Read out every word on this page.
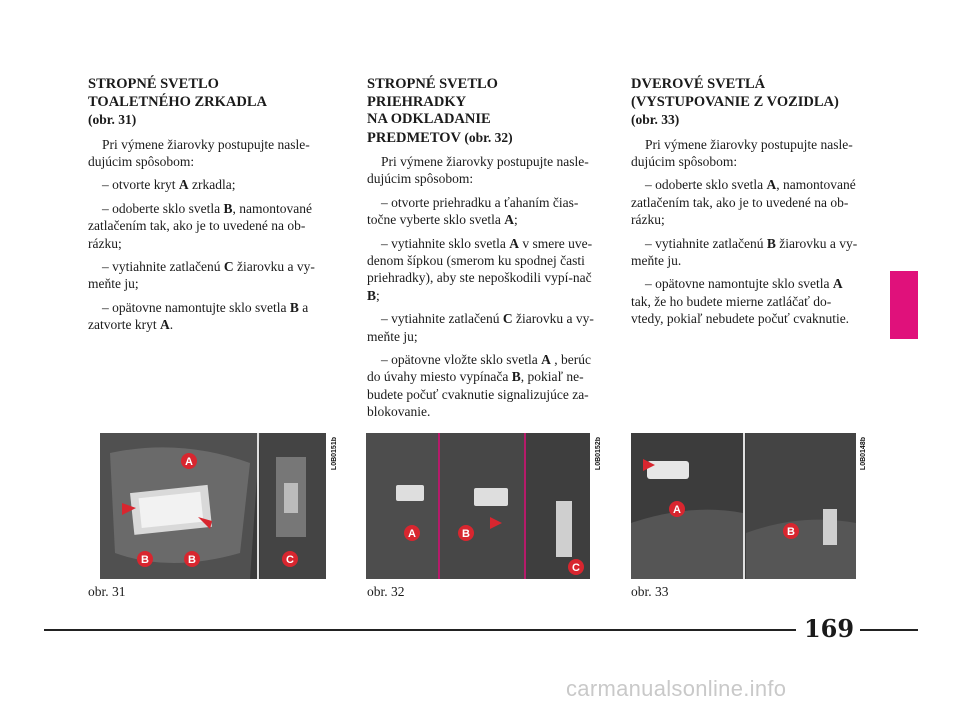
STROPNÉ SVETLO
TOALETNÉHO ZRKADLA
(obr. 31)

Pri výmene žiarovky postupujte nasle-dujúcim spôsobom:

– otvorte kryt A zrkadla;

– odoberte sklo svetla B, namontované zatlačením tak, ako je to uvedené na ob-rázku;

– vytiahnite zatlačenú C žiarovku a vy-meňte ju;

– opätovne namontujte sklo svetla B a zatvorte kryt A.

STROPNÉ SVETLO
PRIEHRADKY
NA ODKLADANIE
PREDMETOV (obr. 32)

Pri výmene žiarovky postupujte nasle-dujúcim spôsobom:

– otvorte priehradku a ťahaním čias-točne vyberte sklo svetla A;

– vytiahnite sklo svetla A v smere uve-denom šípkou (smerom ku spodnej časti priehradky), aby ste nepoškodili vypí-nač B;

– vytiahnite zatlačenú C žiarovku a vy-meňte ju;

– opätovne vložte sklo svetla A , berúc do úvahy miesto vypínača B, pokiaľ ne-budete počuť cvaknutie signalizujúce za-blokovanie.

DVEROVÉ SVETLÁ
(VYSTUPOVANIE Z VOZIDLA)
(obr. 33)

Pri výmene žiarovky postupujte nasle-dujúcim spôsobom:

– odoberte sklo svetla A, namontované zatlačením tak, ako je to uvedené na ob-rázku;

– vytiahnite zatlačenú B žiarovku a vy-meňte ju.

– opätovne namontujte sklo svetla A tak, že ho budete mierne zatláčať do-vtedy, pokiaľ nebudete počuť cvaknutie.

A
B	B	C
L0B0151b
obr. 31
A	B
C
L0B0152b
obr. 32
A
B
L0B0148b
obr. 33
169
carmanualsonline.info
